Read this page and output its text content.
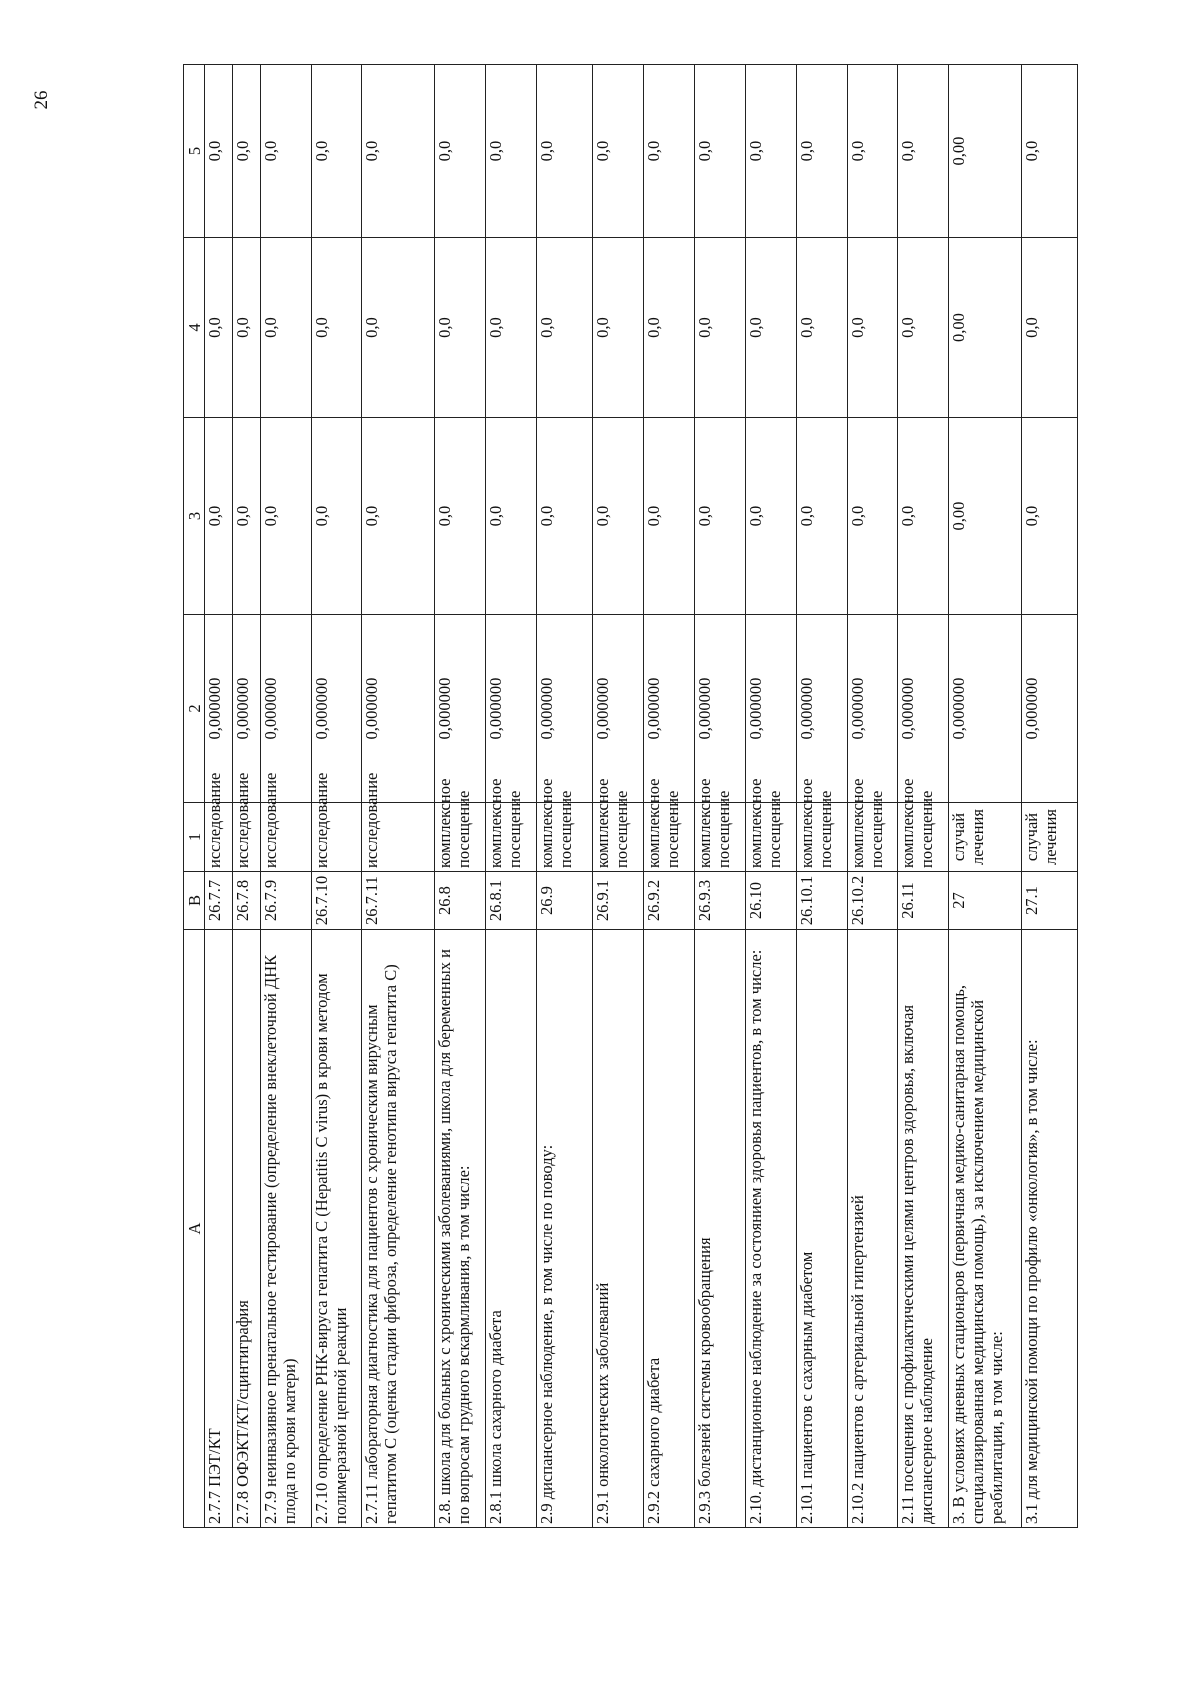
26
A	B	1	2	3	4	5
2.7.7 ПЭТ/КТ	26.7.7	исследование	0,000000	0,0	0,0	0,0
2.7.8 ОФЭКТ/КТ/сцинтиграфия	26.7.8	исследование	0,000000	0,0	0,0	0,0
2.7.9 неинвазивное пренатальное тестирование (определение внеклеточной ДНК плода по крови матери)	26.7.9	исследование	0,000000	0,0	0,0	0,0
2.7.10 определение РНК-вируса гепатита С (Hepatitis C virus) в крови методом полимеразной цепной реакции	26.7.10	исследование	0,000000	0,0	0,0	0,0
2.7.11 лабораторная диагностика для пациентов с хроническим вирусным гепатитом С (оценка стадии фиброза, определение генотипа вируса гепатита С)	26.7.11	исследование	0,000000	0,0	0,0	0,0
2.8. школа для больных с хроническими заболеваниями, школа для беременных и по вопросам грудного вскармливания, в том числе:	26.8	комплексное посещение	0,000000	0,0	0,0	0,0
2.8.1 школа сахарного диабета	26.8.1	комплексное посещение	0,000000	0,0	0,0	0,0
2.9 диспансерное наблюдение, в том числе по поводу:	26.9	комплексное посещение	0,000000	0,0	0,0	0,0
2.9.1 онкологических заболеваний	26.9.1	комплексное посещение	0,000000	0,0	0,0	0,0
2.9.2 сахарного диабета	26.9.2	комплексное посещение	0,000000	0,0	0,0	0,0
2.9.3 болезней системы кровообращения	26.9.3	комплексное посещение	0,000000	0,0	0,0	0,0
2.10. дистанционное наблюдение за состоянием здоровья пациентов, в том числе:	26.10	комплексное посещение	0,000000	0,0	0,0	0,0
2.10.1 пациентов с сахарным диабетом	26.10.1	комплексное посещение	0,000000	0,0	0,0	0,0
2.10.2 пациентов с артериальной гипертензией	26.10.2	комплексное посещение	0,000000	0,0	0,0	0,0
2.11 посещения с профилактическими целями центров здоровья, включая диспансерное наблюдение	26.11	комплексное посещение	0,000000	0,0	0,0	0,0
3. В условиях дневных стационаров (первичная медико-санитарная помощь, специализированная медицинская помощь), за исключением медицинской реабилитации, в том числе:	27	случай лечения	0,000000	0,00	0,00	0,00
3.1 для медицинской помощи по профилю «онкология», в том числе:	27.1	случай лечения	0,000000	0,0	0,0	0,0
